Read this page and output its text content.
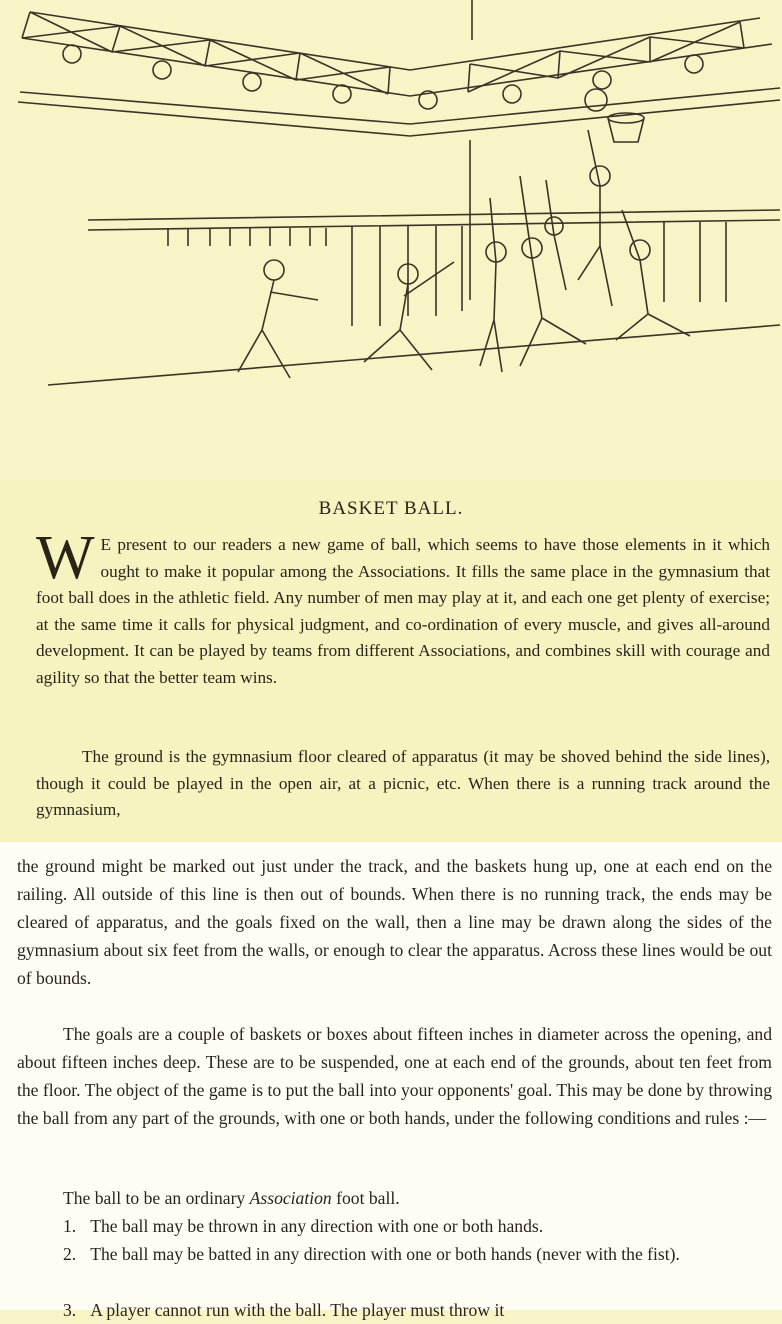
BASKET BALL.

W E present to our readers a new game of ball, which seems to have those elements in it which ought to make it popular among the Associations. It fills the same place in the gymnasium that foot ball does in the athletic field. Any number of men may play at it, and each one get plenty of exercise; at the same time it calls for physical judgment, and co-ordination of every muscle, and gives all-around development. It can be played by teams from different Associations, and combines skill with courage and agility so that the better team wins.

The ground is the gymnasium floor cleared of apparatus (it may be shoved behind the side lines), though it could be played in the open air, at a picnic, etc. When there is a running track around the gymnasium,

the ground might be marked out just under the track, and the baskets hung up, one at each end on the railing. All outside of this line is then out of bounds. When there is no running track, the ends may be cleared of apparatus, and the goals fixed on the wall, then a line may be drawn along the sides of the gymnasium about six feet from the walls, or enough to clear the apparatus. Across these lines would be out of bounds.

The goals are a couple of baskets or boxes about fifteen inches in diameter across the opening, and about fifteen inches deep. These are to be suspended, one at each end of the grounds, about ten feet from the floor. The object of the game is to put the ball into your opponents' goal. This may be done by throwing the ball from any part of the grounds, with one or both hands, under the following conditions and rules :—

The ball to be an ordinary Association foot ball.

1. The ball may be thrown in any direction with one or both hands.

2. The ball may be batted in any direction with one or both hands (never with the fist).

3. A player cannot run with the ball. The player must throw it
